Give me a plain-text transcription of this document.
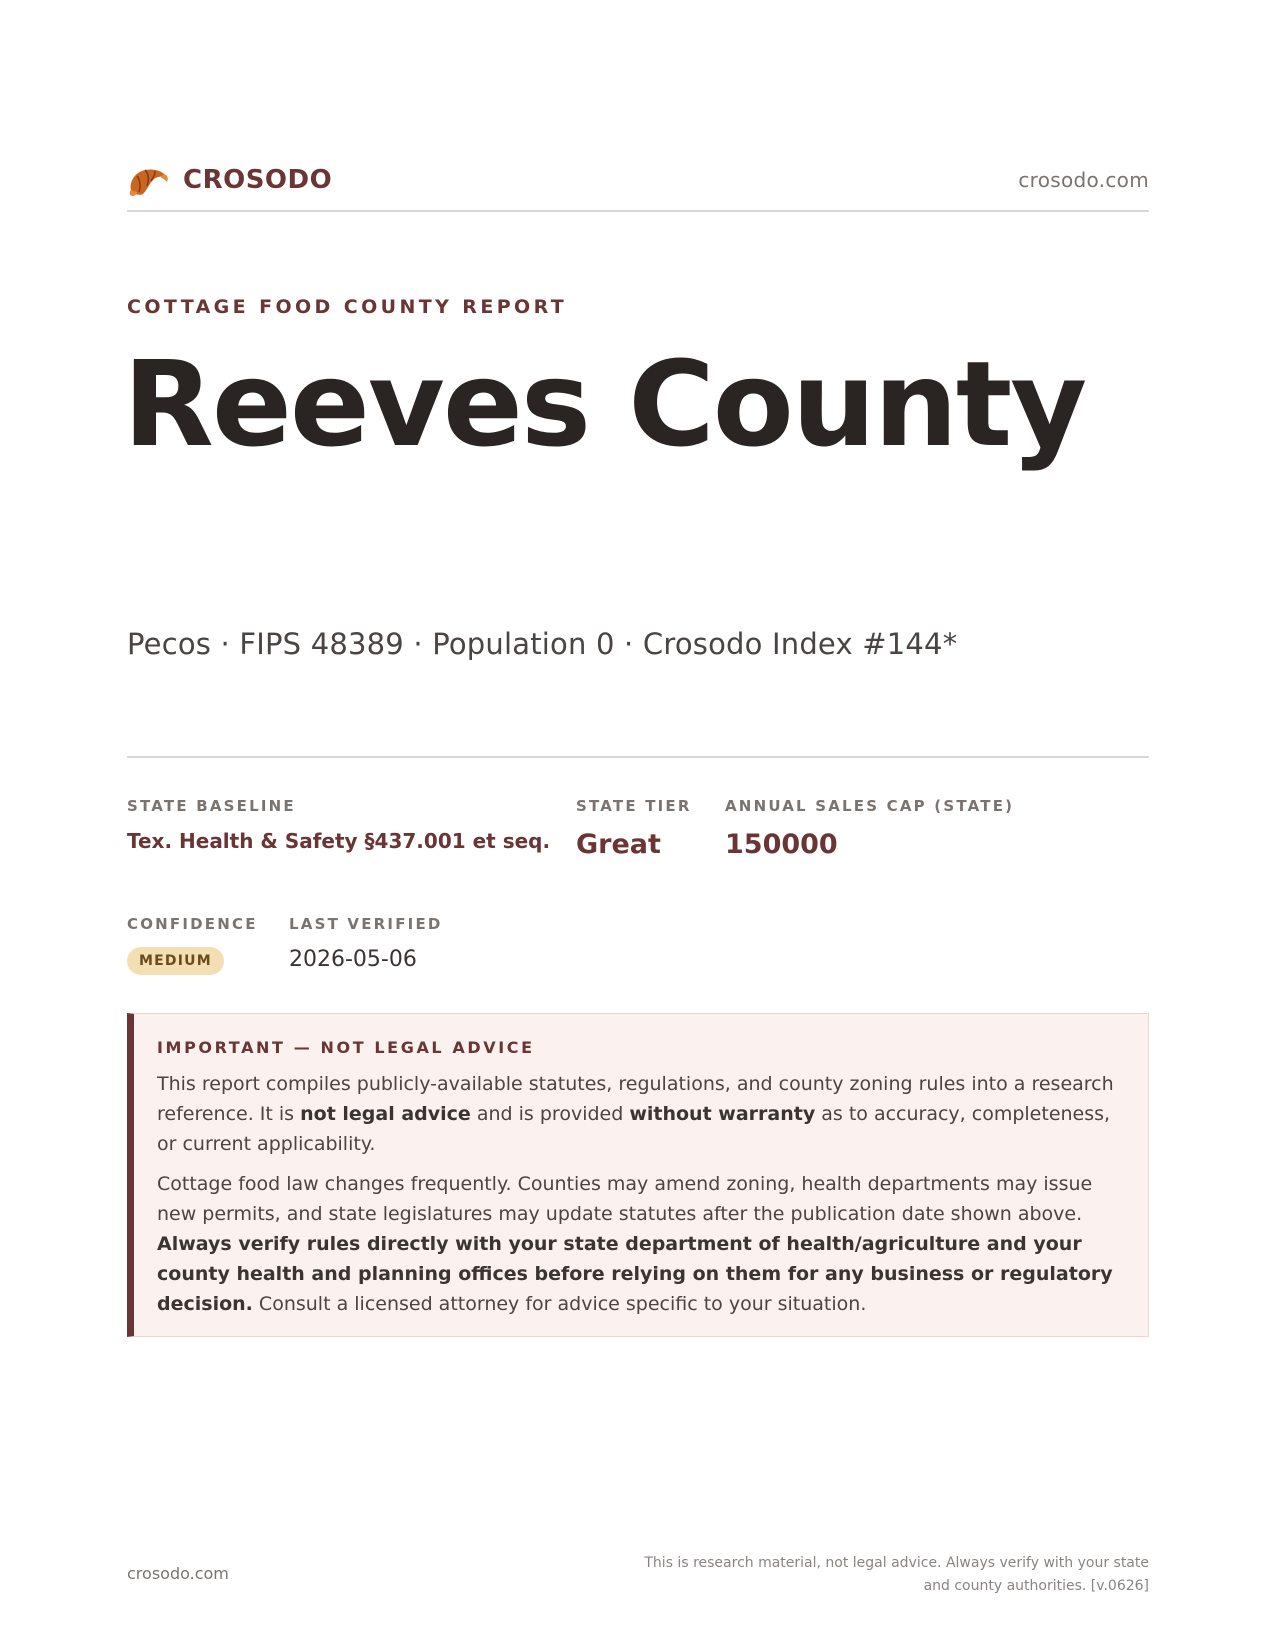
CROSODO	crosodo.com
COTTAGE FOOD COUNTY REPORT
Reeves County
Pecos · FIPS 48389 · Population 0 · Crosodo Index #144*
STATE BASELINE
Tex. Health & Safety §437.001 et seq.
STATE TIER
Great
ANNUAL SALES CAP (STATE)
150000
CONFIDENCE
MEDIUM
LAST VERIFIED
2026-05-06
IMPORTANT — NOT LEGAL ADVICE

This report compiles publicly-available statutes, regulations, and county zoning rules into a research reference. It is not legal advice and is provided without warranty as to accuracy, completeness, or current applicability.

Cottage food law changes frequently. Counties may amend zoning, health departments may issue new permits, and state legislatures may update statutes after the publication date shown above. Always verify rules directly with your state department of health/agriculture and your county health and planning offices before relying on them for any business or regulatory decision. Consult a licensed attorney for advice specific to your situation.

crosodo.com
This is research material, not legal advice. Always verify with your state
and county authorities. [v.0626]
